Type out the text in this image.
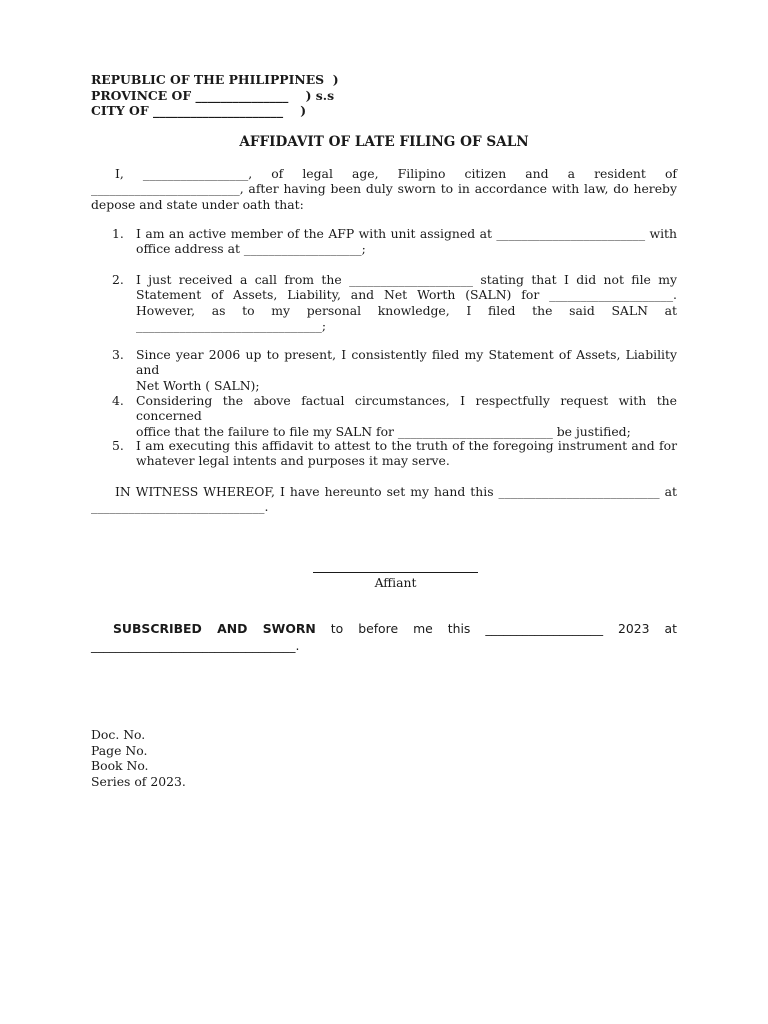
REPUBLIC OF THE PHILIPPINES  )
PROVINCE OF _______________    ) s.s
CITY OF _____________________    )
AFFIDAVIT OF LATE FILING OF SALN
I, _________________, of legal age, Filipino citizen and a resident of
________________________, after having been duly sworn to in accordance with law, do hereby
depose and state under oath that:
1. I am an active member of the AFP with unit assigned at ________________________ with
office address at ___________________;
2. I just received a call from the ____________________ stating that I did not file my
Statement of Assets, Liability, and Net Worth (SALN) for ____________________.
However, as to my personal knowledge, I filed the said SALN at
______________________________;
3. Since year 2006 up to present, I consistently filed my Statement of Assets, Liability and
Net Worth ( SALN);
4. Considering the above factual circumstances, I respectfully request with the concerned
office that the failure to file my SALN for _________________________ be justified;
5. I am executing this affidavit to attest to the truth of the foregoing instrument and for
whatever legal intents and purposes it may serve.
IN WITNESS WHEREOF, I have hereunto set my hand this __________________________ at
____________________________.
Affiant
SUBSCRIBED AND SWORN to before me this ___________________ 2023 at
_________________________________.
Doc. No.
Page No.
Book No.
Series of 2023.
